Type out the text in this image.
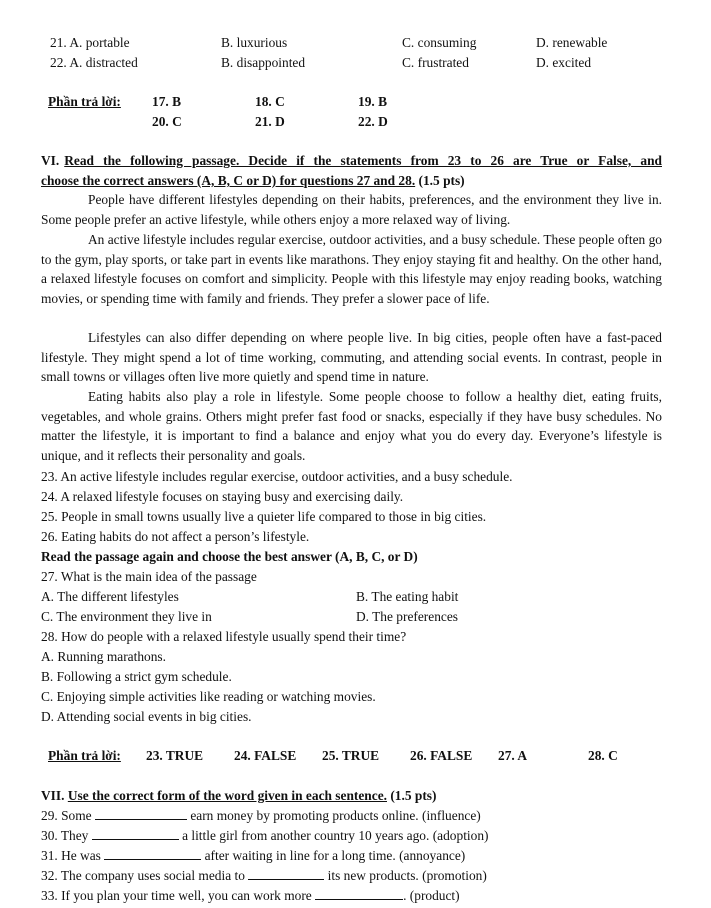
21. A. portable	B. luxurious	C. consuming	D. renewable
22. A. distracted	B. disappointed	C. frustrated	D. excited
Phần trả lời: 17. B	18. C	19. B
20. C	21. D	22. D
VI. Read the following passage. Decide if the statements from 23 to 26 are True or False, and
choose the correct answers (A, B, C or D) for questions 27 and 28. (1.5 pts)
People have different lifestyles depending on their habits, preferences, and the environment they live in. Some people prefer an active lifestyle, while others enjoy a more relaxed way of living.
An active lifestyle includes regular exercise, outdoor activities, and a busy schedule. These people often go to the gym, play sports, or take part in events like marathons. They enjoy staying fit and healthy. On the other hand, a relaxed lifestyle focuses on comfort and simplicity. People with this lifestyle may enjoy reading books, watching movies, or spending time with family and friends. They prefer a slower pace of life.
Lifestyles can also differ depending on where people live. In big cities, people often have a fast-paced lifestyle. They might spend a lot of time working, commuting, and attending social events. In contrast, people in small towns or villages often live more quietly and spend time in nature.
Eating habits also play a role in lifestyle. Some people choose to follow a healthy diet, eating fruits, vegetables, and whole grains. Others might prefer fast food or snacks, especially if they have busy schedules. No matter the lifestyle, it is important to find a balance and enjoy what you do every day. Everyone’s lifestyle is unique, and it reflects their personality and goals.
23. An active lifestyle includes regular exercise, outdoor activities, and a busy schedule.
24. A relaxed lifestyle focuses on staying busy and exercising daily.
25. People in small towns usually live a quieter life compared to those in big cities.
26. Eating habits do not affect a person’s lifestyle.
Read the passage again and choose the best answer (A, B, C, or D)
27. What is the main idea of the passage
A. The different lifestyles	B. The eating habit
C. The environment they live in	D. The preferences
28. How do people with a relaxed lifestyle usually spend their time?
A. Running marathons.
B. Following a strict gym schedule.
C. Enjoying simple activities like reading or watching movies.
D. Attending social events in big cities.
Phần trả lời: 23. TRUE 24. FALSE 25. TRUE 26. FALSE 27. A	28. C
VII. Use the correct form of the word given in each sentence. (1.5 pts)
29. Some	earn money by promoting products online. (influence)
30. They	a little girl from another country 10 years ago. (adoption)
31. He was	after waiting in line for a long time. (annoyance)
32. The company uses social media to	its new products. (promotion)
33. If you plan your time well, you can work more	. (product)
